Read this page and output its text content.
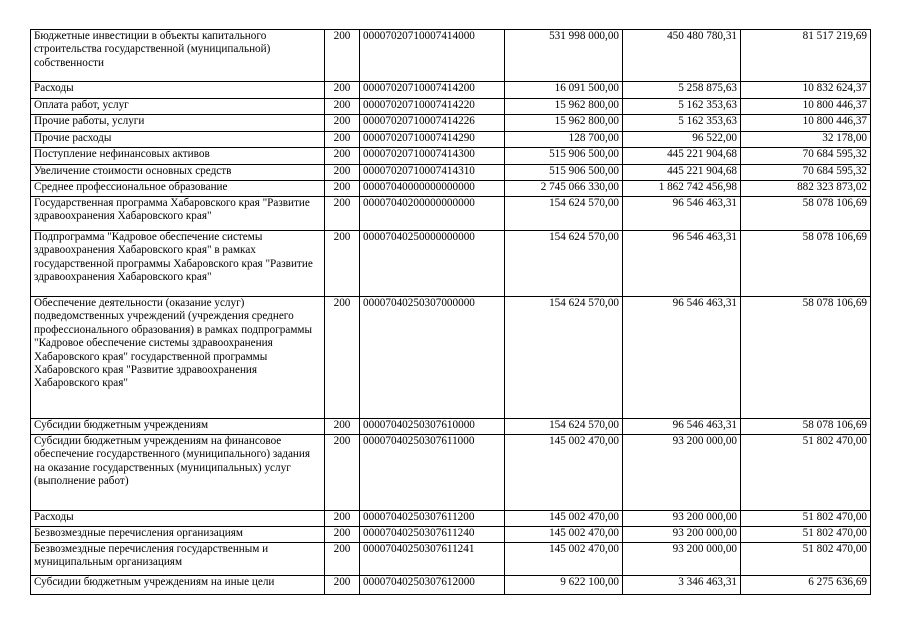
Бюджетные инвестиции в объекты капитального строительства государственной (муниципальной) собственности	200	00007020710007414000	531 998 000,00	450 480 780,31	81 517 219,69
Расходы	200	00007020710007414200	16 091 500,00	5 258 875,63	10 832 624,37
Оплата работ, услуг	200	00007020710007414220	15 962 800,00	5 162 353,63	10 800 446,37
Прочие работы, услуги	200	00007020710007414226	15 962 800,00	5 162 353,63	10 800 446,37
Прочие расходы	200	00007020710007414290	128 700,00	96 522,00	32 178,00
Поступление нефинансовых активов	200	00007020710007414300	515 906 500,00	445 221 904,68	70 684 595,32
Увеличение стоимости основных средств	200	00007020710007414310	515 906 500,00	445 221 904,68	70 684 595,32
Среднее профессиональное образование	200	00007040000000000000	2 745 066 330,00	1 862 742 456,98	882 323 873,02
Государственная программа Хабаровского края "Развитие здравоохранения Хабаровского края"	200	00007040200000000000	154 624 570,00	96 546 463,31	58 078 106,69
Подпрограмма "Кадровое обеспечение системы здравоохранения Хабаровского края" в рамках государственной программы Хабаровского края "Развитие здравоохранения Хабаровского края"	200	00007040250000000000	154 624 570,00	96 546 463,31	58 078 106,69
Обеспечение деятельности (оказание услуг) подведомственных учреждений (учреждения среднего профессионального образования) в рамках подпрограммы "Кадровое обеспечение системы здравоохранения Хабаровского края" государственной программы Хабаровского края "Развитие здравоохранения Хабаровского края"	200	00007040250307000000	154 624 570,00	96 546 463,31	58 078 106,69
Субсидии бюджетным учреждениям	200	00007040250307610000	154 624 570,00	96 546 463,31	58 078 106,69
Субсидии бюджетным учреждениям на финансовое обеспечение государственного (муниципального) задания на оказание государственных (муниципальных) услуг (выполнение работ)	200	00007040250307611000	145 002 470,00	93 200 000,00	51 802 470,00
Расходы	200	00007040250307611200	145 002 470,00	93 200 000,00	51 802 470,00
Безвозмездные перечисления организациям	200	00007040250307611240	145 002 470,00	93 200 000,00	51 802 470,00
Безвозмездные перечисления государственным и муниципальным организациям	200	00007040250307611241	145 002 470,00	93 200 000,00	51 802 470,00
Субсидии бюджетным учреждениям на иные цели	200	00007040250307612000	9 622 100,00	3 346 463,31	6 275 636,69
